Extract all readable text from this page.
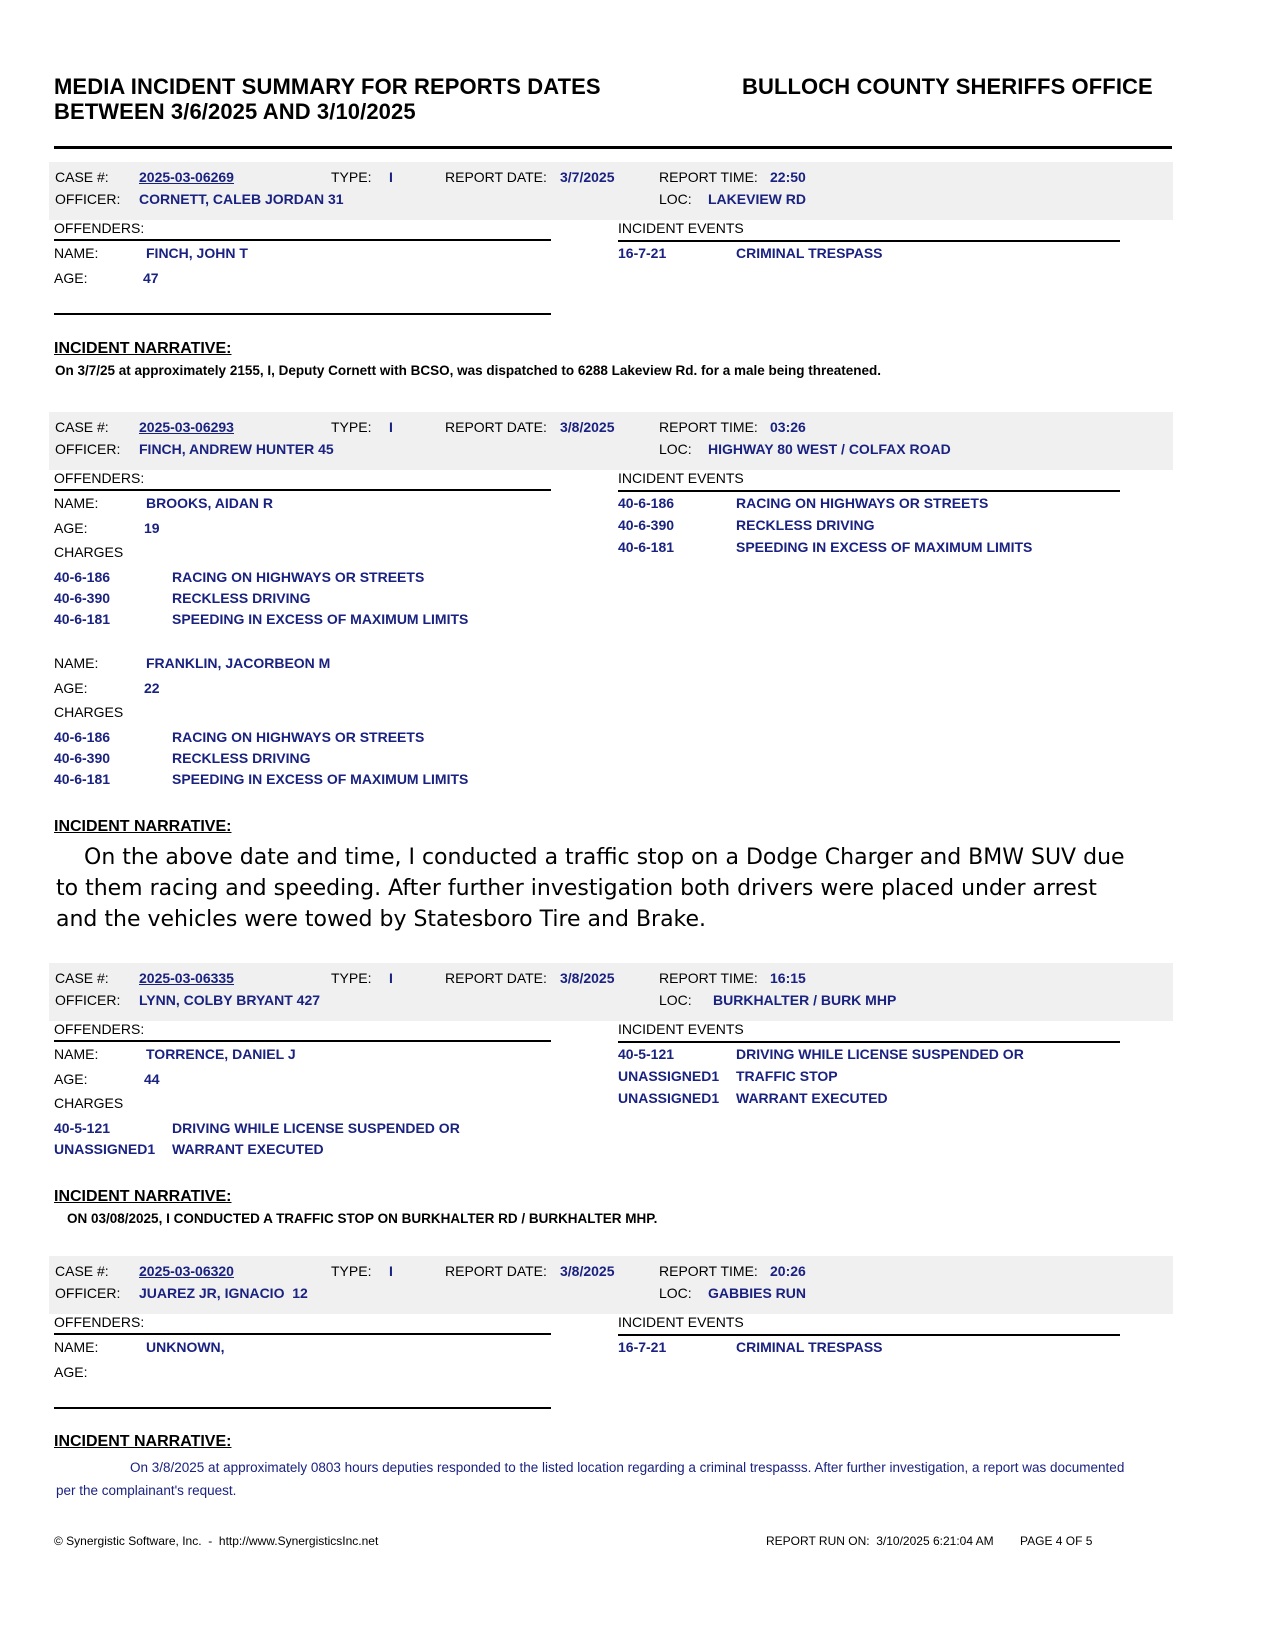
MEDIA INCIDENT SUMMARY FOR REPORTS DATES
BETWEEN 3/6/2025 AND 3/10/2025
BULLOCH COUNTY SHERIFFS OFFICE
CASE #: 2025-03-06269	TYPE: I	REPORT DATE: 3/7/2025	REPORT TIME: 22:50
OFFICER: CORNETT, CALEB JORDAN 31	LOC: LAKEVIEW RD
OFFENDERS:	INCIDENT EVENTS
NAME:	FINCH, JOHN T
AGE:	47
16-7-21	CRIMINAL TRESPASS
INCIDENT NARRATIVE:
On 3/7/25 at approximately 2155, I, Deputy Cornett with BCSO, was dispatched to 6288 Lakeview Rd. for a male being threatened.
CASE #: 2025-03-06293	TYPE: I	REPORT DATE: 3/8/2025	REPORT TIME: 03:26
OFFICER: FINCH, ANDREW HUNTER 45	LOC: HIGHWAY 80 WEST / COLFAX ROAD
OFFENDERS:	INCIDENT EVENTS
NAME:	BROOKS, AIDAN R
AGE:	19
CHARGES
40-6-186	RACING ON HIGHWAYS OR STREETS
40-6-390	RECKLESS DRIVING
40-6-181	SPEEDING IN EXCESS OF MAXIMUM LIMITS
NAME:	FRANKLIN, JACORBEON M
AGE:	22
CHARGES
40-6-186	RACING ON HIGHWAYS OR STREETS
40-6-390	RECKLESS DRIVING
40-6-181	SPEEDING IN EXCESS OF MAXIMUM LIMITS
40-6-186	RACING ON HIGHWAYS OR STREETS
40-6-390	RECKLESS DRIVING
40-6-181	SPEEDING IN EXCESS OF MAXIMUM LIMITS
INCIDENT NARRATIVE:
On the above date and time, I conducted a traffic stop on a Dodge Charger and BMW SUV due to them racing and speeding. After further investigation both drivers were placed under arrest and the vehicles were towed by Statesboro Tire and Brake.
CASE #: 2025-03-06335	TYPE: I	REPORT DATE: 3/8/2025	REPORT TIME: 16:15
OFFICER: LYNN, COLBY BRYANT 427	LOC: BURKHALTER / BURK MHP
OFFENDERS:	INCIDENT EVENTS
NAME:	TORRENCE, DANIEL J
AGE:	44
CHARGES
40-5-121	DRIVING WHILE LICENSE SUSPENDED OR
UNASSIGNED1 WARRANT EXECUTED
40-5-121	DRIVING WHILE LICENSE SUSPENDED OR
UNASSIGNED1 TRAFFIC STOP
UNASSIGNED1 WARRANT EXECUTED
INCIDENT NARRATIVE:
ON 03/08/2025, I CONDUCTED A TRAFFIC STOP ON BURKHALTER RD / BURKHALTER MHP.
CASE #: 2025-03-06320	TYPE: I	REPORT DATE: 3/8/2025	REPORT TIME: 20:26
OFFICER: JUAREZ JR, IGNACIO  12	LOC: GABBIES RUN
OFFENDERS:	INCIDENT EVENTS
NAME:	UNKNOWN,
AGE:
16-7-21	CRIMINAL TRESPASS
INCIDENT NARRATIVE:
On 3/8/2025 at approximately 0803 hours deputies responded to the listed location regarding a criminal trespasss. After further investigation, a report was documented per the complainant's request.
© Synergistic Software, Inc.  -  http://www.SynergisticsInc.net	REPORT RUN ON:  3/10/2025 6:21:04 AM PAGE 4 OF 5
